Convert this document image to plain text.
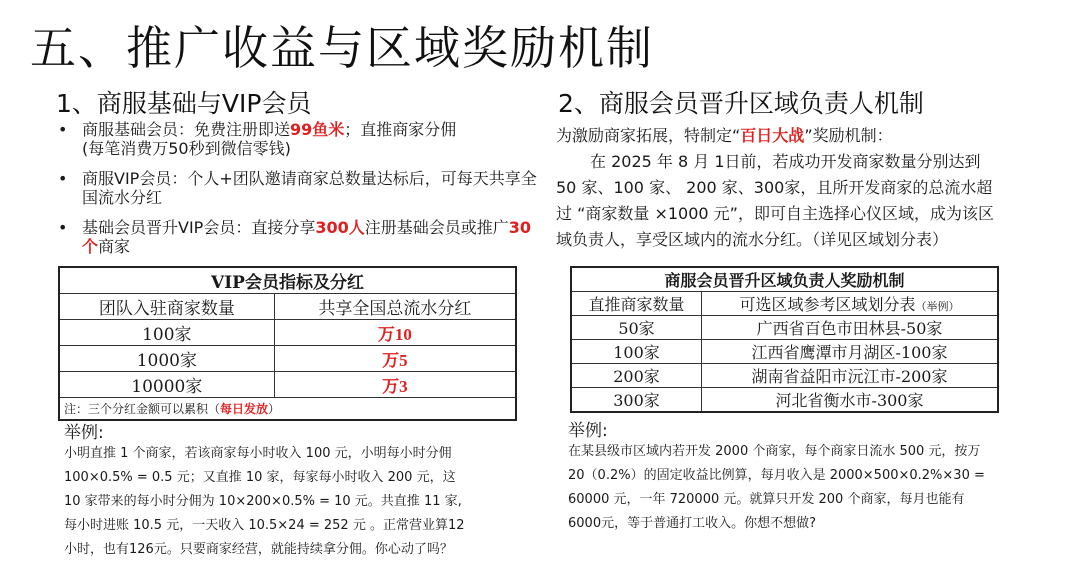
五、推广收益与区域奖励机制
1、商服基础与VIP会员
• 商服基础会员：免费注册即送99鱼米；直推商家分佣
(每笔消费万50秒到微信零钱)
• 商服VIP会员：个人+团队邀请商家总数量达标后，可每天共享全国流水分红
• 基础会员晋升VIP会员：直接分享300人注册基础会员或推广30个商家
VIP会员指标及分红	
团队入驻商家数量	共享全国总流水分红
100家	万10
1000家	万5
10000家	万3
注：三个分红金额可以累积（每日发放）	
举例:
小明直推 1 个商家，若该商家每小时收入 100 元，小明每小时分佣
100×0.5% = 0.5 元；又直推 10 家，每家每小时收入 200 元，这
10 家带来的每小时分佣为 10×200×0.5% = 10 元。共直推 11 家,
每小时进账 10.5 元，一天收入 10.5×24 = 252 元 。正常营业算12
小时，也有126元。只要商家经营，就能持续拿分佣。你心动了吗？
2、商服会员晋升区域负责人机制
为激励商家拓展，特制定“百日大战”奖励机制：
在 2025 年 8 月 1日前，若成功开发商家数量分别达到
50 家、100 家、 200 家、300家，且所开发商家的总流水超
过 “商家数量 ×1000 元”，即可自主选择心仪区域，成为该区
域负责人，享受区域内的流水分红。（详见区域划分表）
商服会员晋升区域负责人奖励机制	
直推商家数量	可选区域参考区域划分表（举例）
50家	广西省百色市田林县-50家
100家	江西省鹰潭市月湖区-100家
200家	湖南省益阳市沅江市-200家
300家	河北省衡水市-300家
举例:
在某县级市区域内若开发 2000 个商家，每个商家日流水 500 元，按万
20（0.2%）的固定收益比例算，每月收入是 2000×500×0.2%×30 =
60000 元，一年 720000 元。就算只开发 200 个商家，每月也能有
6000元，等于普通打工收入。你想不想做?
